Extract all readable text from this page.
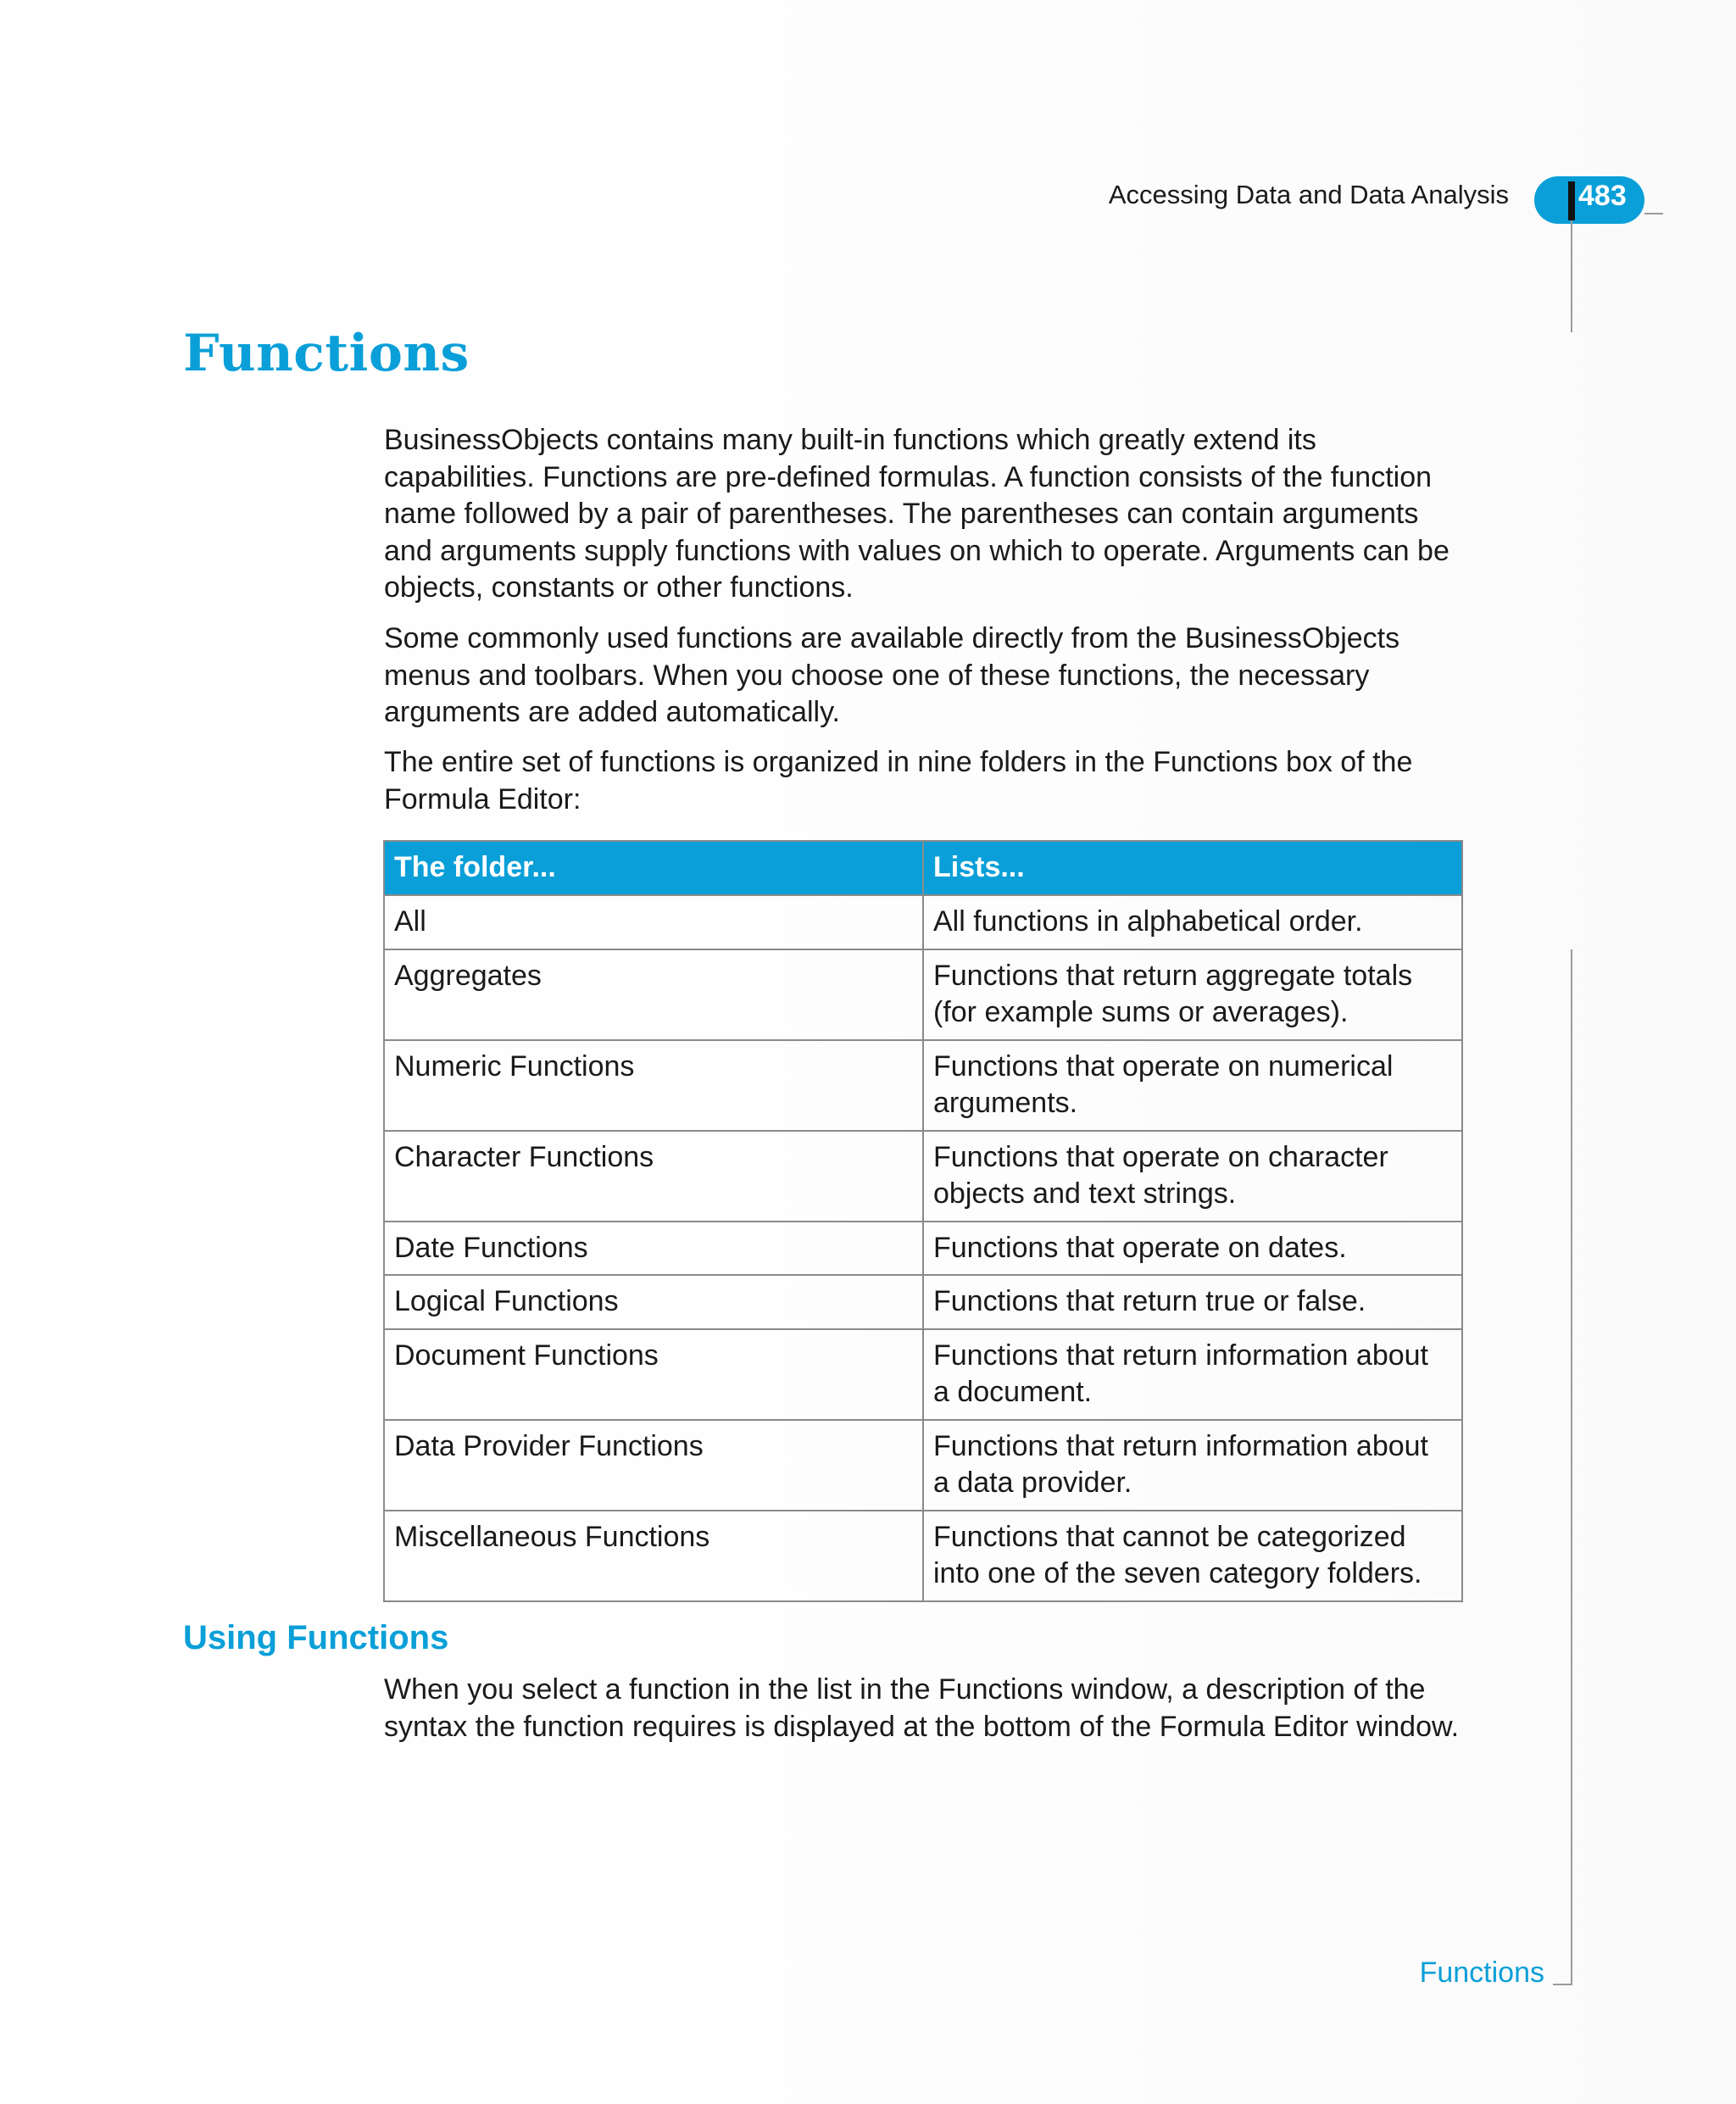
Accessing Data and Data Analysis 483
Functions

BusinessObjects contains many built-in functions which greatly extend its capabilities. Functions are pre-defined formulas. A function consists of the function name followed by a pair of parentheses. The parentheses can contain arguments and arguments supply functions with values on which to operate. Arguments can be objects, constants or other functions.

Some commonly used functions are available directly from the BusinessObjects menus and toolbars. When you choose one of these functions, the necessary arguments are added automatically.

The entire set of functions is organized in nine folders in the Functions box of the Formula Editor:

The folder...	Lists...
All	All functions in alphabetical order.
Aggregates	Functions that return aggregate totals (for example sums or averages).
Numeric Functions	Functions that operate on numerical arguments.
Character Functions	Functions that operate on character objects and text strings.
Date Functions	Functions that operate on dates.
Logical Functions	Functions that return true or false.
Document Functions	Functions that return information about a document.
Data Provider Functions	Functions that return information about a data provider.
Miscellaneous Functions	Functions that cannot be categorized into one of the seven category folders.
Using Functions

When you select a function in the list in the Functions window, a description of the syntax the function requires is displayed at the bottom of the Formula Editor window.

Functions
